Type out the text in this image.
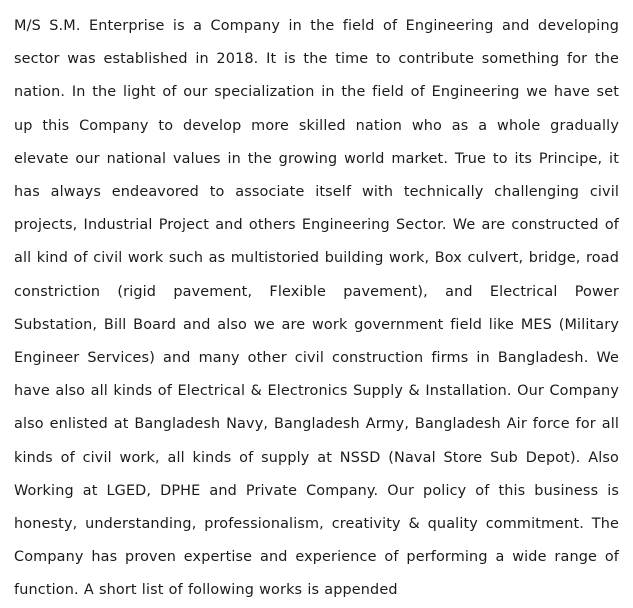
M/S S.M. Enterprise is a Company in the field of Engineering and developing sector was established in 2018. It is the time to contribute something for the nation. In the light of our specialization in the field of Engineering we have set up this Company to develop more skilled nation who as a whole gradually elevate our national values in the growing world market. True to its Principe, it has always endeavored to associate itself with technically challenging civil projects, Industrial Project and others Engineering Sector. We are constructed of all kind of civil work such as multistoried building work, Box culvert, bridge, road constriction (rigid pavement, Flexible pavement), and Electrical Power Substation, Bill Board and also we are work government field like MES (Military Engineer Services) and many other civil construction firms in Bangladesh. We have also all kinds of Electrical & Electronics Supply & Installation. Our Company also enlisted at Bangladesh Navy, Bangladesh Army, Bangladesh Air force for all kinds of civil work, all kinds of supply at NSSD (Naval Store Sub Depot). Also Working at LGED, DPHE and Private Company. Our policy of this business is honesty, understanding, professionalism, creativity & quality commitment. The Company has proven expertise and experience of performing a wide range of function. A short list of following works is appended
